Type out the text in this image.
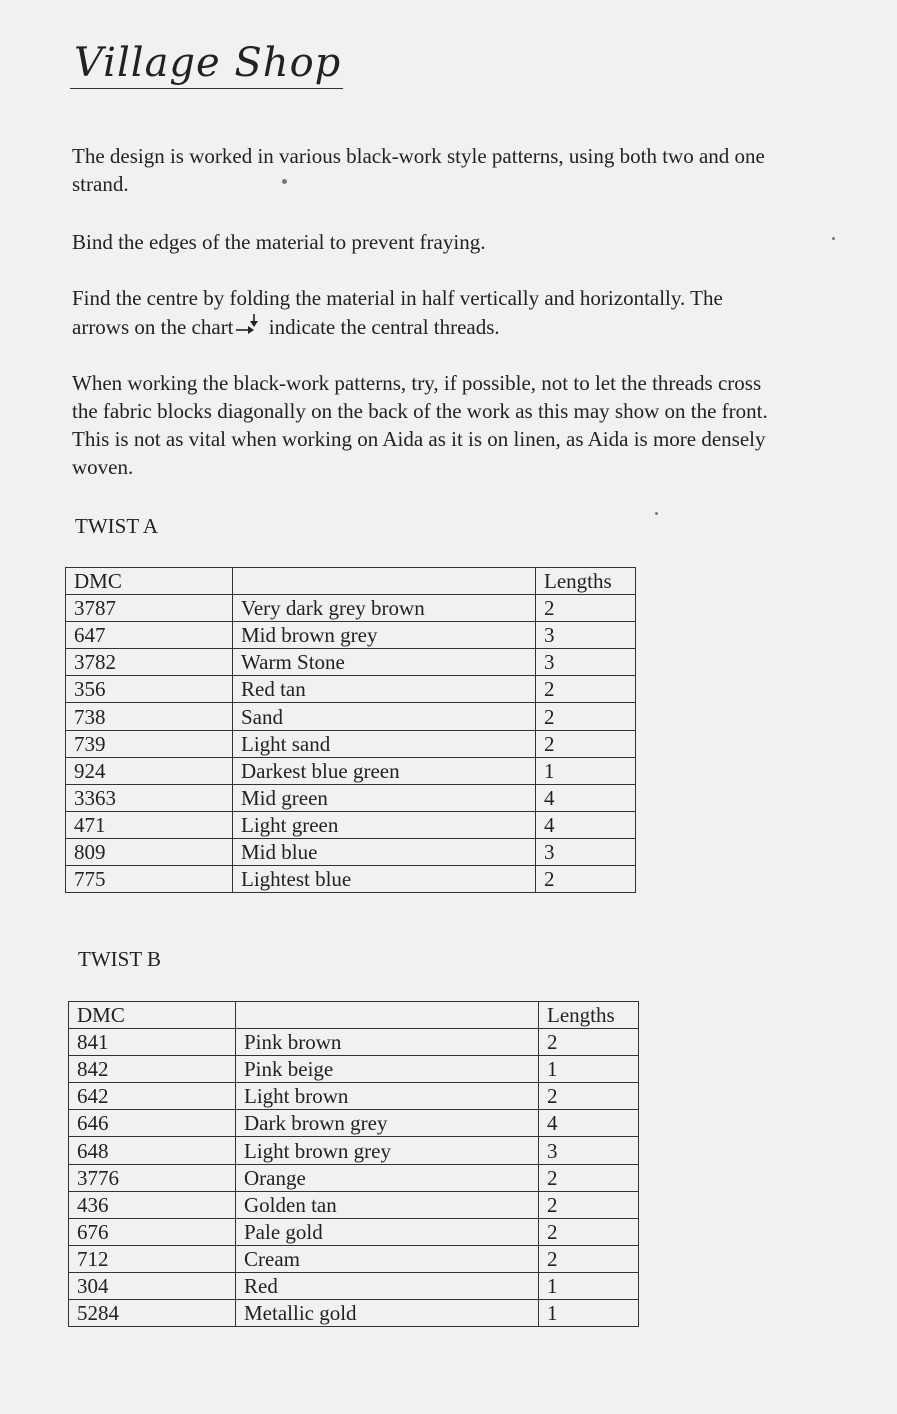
Village Shop

The design is worked in various black-work style patterns, using both two and one strand.

Bind the edges of the material to prevent fraying.

Find the centre by folding the material in half vertically and horizontally. The arrows on the chart indicate the central threads.

When working the black-work patterns, try, if possible, not to let the threads cross the fabric blocks diagonally on the back of the work as this may show on the front. This is not as vital when working on Aida as it is on linen, as Aida is more densely woven.

TWIST A
DMC		Lengths
3787	Very dark grey brown	2
647	Mid brown grey	3
3782	Warm Stone	3
356	Red tan	2
738	Sand	2
739	Light sand	2
924	Darkest blue green	1
3363	Mid green	4
471	Light green	4
809	Mid blue	3
775	Lightest blue	2
TWIST B
DMC		Lengths
841	Pink brown	2
842	Pink beige	1
642	Light brown	2
646	Dark brown grey	4
648	Light brown grey	3
3776	Orange	2
436	Golden tan	2
676	Pale gold	2
712	Cream	2
304	Red	1
5284	Metallic gold	1
